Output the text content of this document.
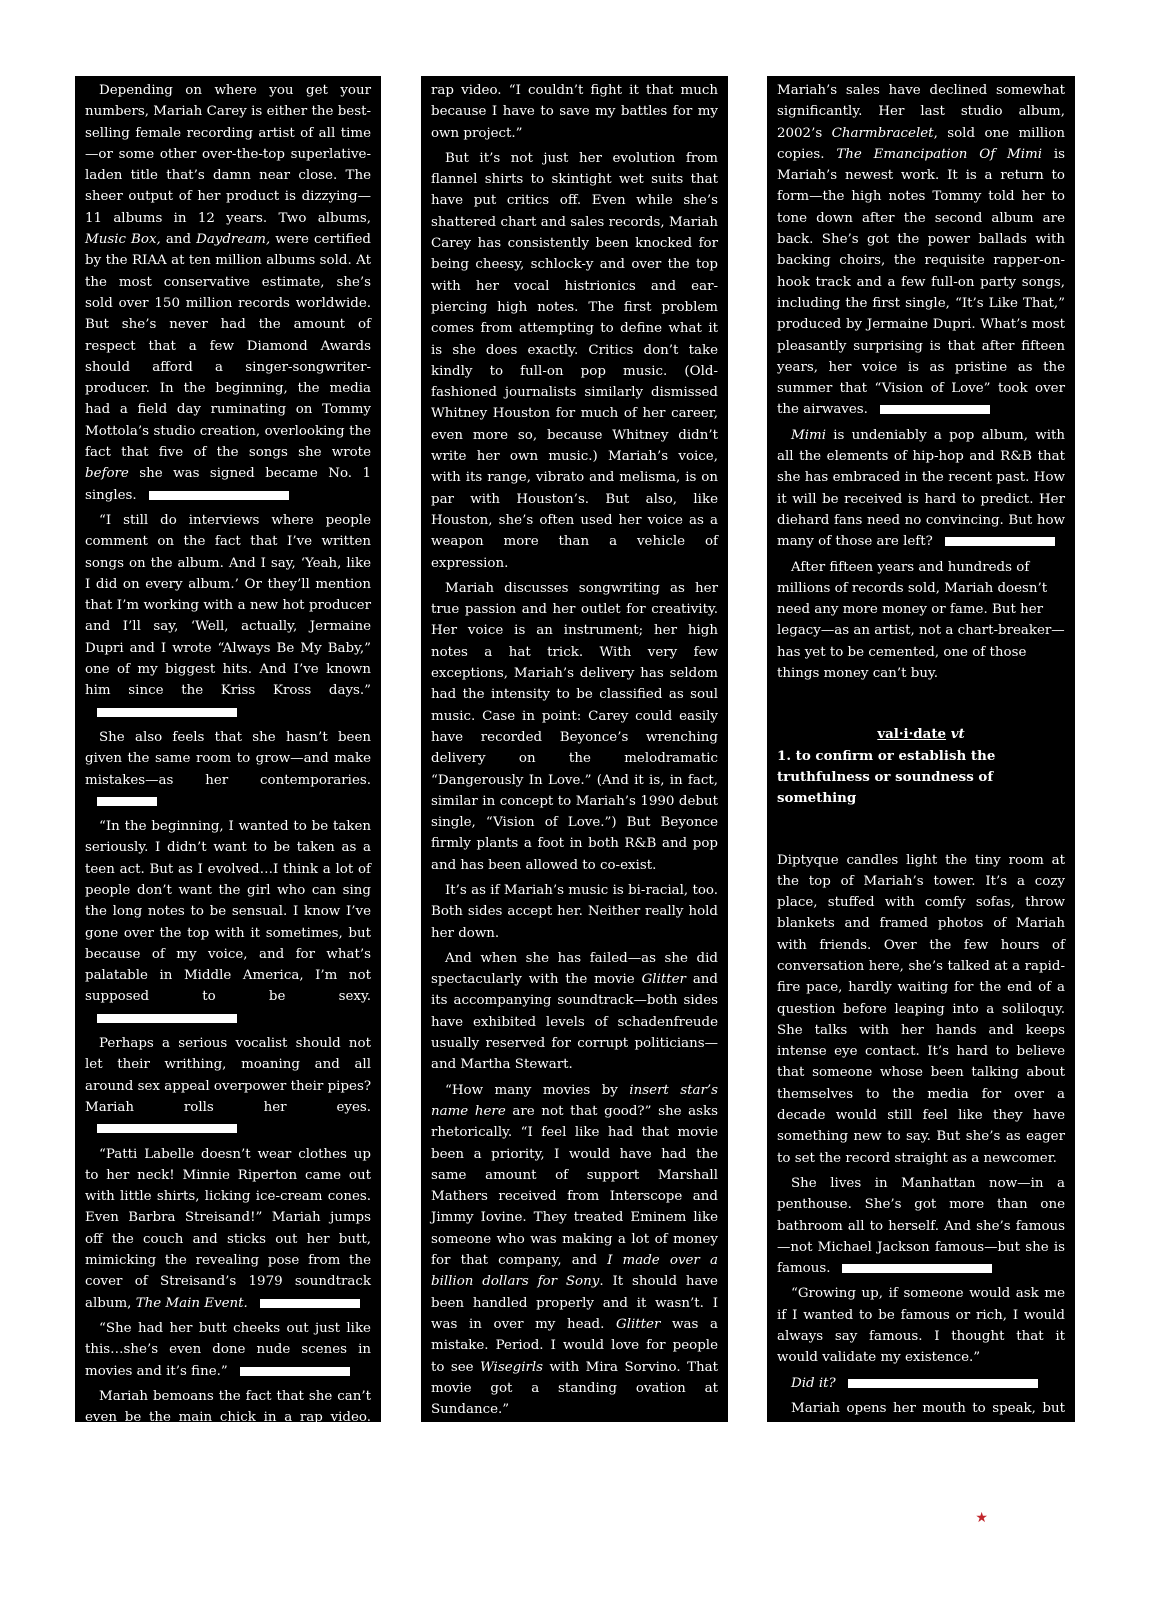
Depending on where you get your numbers, Mariah Carey is either the best-selling female recording artist of all time—or some other over-the-top superlative-laden title that’s damn near close. The sheer output of her product is dizzying—11 albums in 12 years. Two albums, Music Box, and Daydream, were certified by the RIAA at ten million albums sold. At the most conservative estimate, she’s sold over 150 million records worldwide. But she’s never had the amount of respect that a few Diamond Awards should afford a singer-songwriter-producer. In the beginning, the media had a field day ruminating on Tommy Mottola’s studio creation, overlooking the fact that five of the songs she wrote before she was signed became No. 1 singles.

“I still do interviews where people comment on the fact that I’ve written songs on the album. And I say, ‘Yeah, like I did on every album.’ Or they’ll mention that I’m working with a new hot producer and I’ll say, ‘Well, actually, Jermaine Dupri and I wrote “Always Be My Baby,” one of my biggest hits. And I’ve known him since the Kriss Kross days.”

She also feels that she hasn’t been given the same room to grow—and make mistakes—as her contemporaries.

“In the beginning, I wanted to be taken seriously. I didn’t want to be taken as a teen act. But as I evolved…I think a lot of people don’t want the girl who can sing the long notes to be sensual. I know I’ve gone over the top with it sometimes, but because of my voice, and for what’s palatable in Middle America, I’m not supposed to be sexy.

Perhaps a serious vocalist should not let their writhing, moaning and all around sex appeal overpower their pipes? Mariah rolls her eyes.

“Patti Labelle doesn’t wear clothes up to her neck! Minnie Riperton came out with little shirts, licking ice-cream cones. Even Barbra Streisand!” Mariah jumps off the couch and sticks out her butt, mimicking the revealing pose from the cover of Streisand’s 1979 soundtrack album, The Main Event.

“She had her butt cheeks out just like this…she’s even done nude scenes in movies and it’s fine.”

Mariah bemoans the fact that she can’t even be the main chick in a rap video. She sings a breathy chorus on Jadakiss’ “U Make Me Wanna” yet only has a brief cameo.

“I should have been the main girl in that video!” she says. “I could have done it and I would have done it,” but she says “her people” didn’t agree with such a role in a

rap video. “I couldn’t fight it that much because I have to save my battles for my own project.”

But it’s not just her evolution from flannel shirts to skintight wet suits that have put critics off. Even while she’s shattered chart and sales records, Mariah Carey has consistently been knocked for being cheesy, schlock-y and over the top with her vocal histrionics and ear-piercing high notes. The first problem comes from attempting to define what it is she does exactly. Critics don’t take kindly to full-on pop music. (Old-fashioned journalists similarly dismissed Whitney Houston for much of her career, even more so, because Whitney didn’t write her own music.) Mariah’s voice, with its range, vibrato and melisma, is on par with Houston’s. But also, like Houston, she’s often used her voice as a weapon more than a vehicle of expression.

Mariah discusses songwriting as her true passion and her outlet for creativity. Her voice is an instrument; her high notes a hat trick. With very few exceptions, Mariah’s delivery has seldom had the intensity to be classified as soul music. Case in point: Carey could easily have recorded Beyonce’s wrenching delivery on the melodramatic “Dangerously In Love.” (And it is, in fact, similar in concept to Mariah’s 1990 debut single, “Vision of Love.”) But Beyonce firmly plants a foot in both R&B and pop and has been allowed to co-exist.

It’s as if Mariah’s music is bi-racial, too. Both sides accept her. Neither really hold her down.

And when she has failed—as she did spectacularly with the movie Glitter and its accompanying soundtrack—both sides have exhibited levels of schadenfreude usually reserved for corrupt politicians—and Martha Stewart.

“How many movies by insert star’s name here are not that good?” she asks rhetorically. “I feel like had that movie been a priority, I would have had the same amount of support Marshall Mathers received from Interscope and Jimmy Iovine. They treated Eminem like someone who was making a lot of money for that company, and I made over a billion dollars for Sony. It should have been handled properly and it wasn’t. I was in over my head. Glitter was a mistake. Period. I would love for people to see Wisegirls with Mira Sorvino. That movie got a standing ovation at Sundance.”

F. Scott Fitzgerald said there were no second acts in American lives. But in entertainment, there are third and fourth acts. Just ask Flava Flav.

Since 1995’s 10x-platinum Daydream,

Mariah’s sales have declined somewhat significantly. Her last studio album, 2002’s Charmbracelet, sold one million copies. The Emancipation Of Mimi is Mariah’s newest work. It is a return to form—the high notes Tommy told her to tone down after the second album are back. She’s got the power ballads with backing choirs, the requisite rapper-on-hook track and a few full-on party songs, including the first single, “It’s Like That,” produced by Jermaine Dupri. What’s most pleasantly surprising is that after fifteen years, her voice is as pristine as the summer that “Vision of Love” took over the airwaves.

Mimi is undeniably a pop album, with all the elements of hip-hop and R&B that she has embraced in the recent past. How it will be received is hard to predict. Her diehard fans need no convincing. But how many of those are left?

After fifteen years and hundreds of millions of records sold, Mariah doesn’t need any more money or fame. But her legacy—as an artist, not a chart-breaker—has yet to be cemented, one of those things money can’t buy.

val·i·date vt
1. to confirm or establish the
truthfulness or soundness of something

Diptyque candles light the tiny room at the top of Mariah’s tower. It’s a cozy place, stuffed with comfy sofas, throw blankets and framed photos of Mariah with friends. Over the few hours of conversation here, she’s talked at a rapid-fire pace, hardly waiting for the end of a question before leaping into a soliloquy. She talks with her hands and keeps intense eye contact. It’s hard to believe that someone whose been talking about themselves to the media for over a decade would still feel like they have something new to say. But she’s as eager to set the record straight as a newcomer.

She lives in Manhattan now—in a penthouse. She’s got more than one bathroom all to herself. And she’s famous—not Michael Jackson famous—but she is famous.

“Growing up, if someone would ask me if I wanted to be famous or rich, I would always say famous. I thought that it would validate my existence.”

Did it?

Mariah opens her mouth to speak, but nothing comes out. She furrows her eyebrows and bites the inside of her lip…takes a swig of water, looks up at the ceiling. Silence.

Finally: “I don’t know.” ★
